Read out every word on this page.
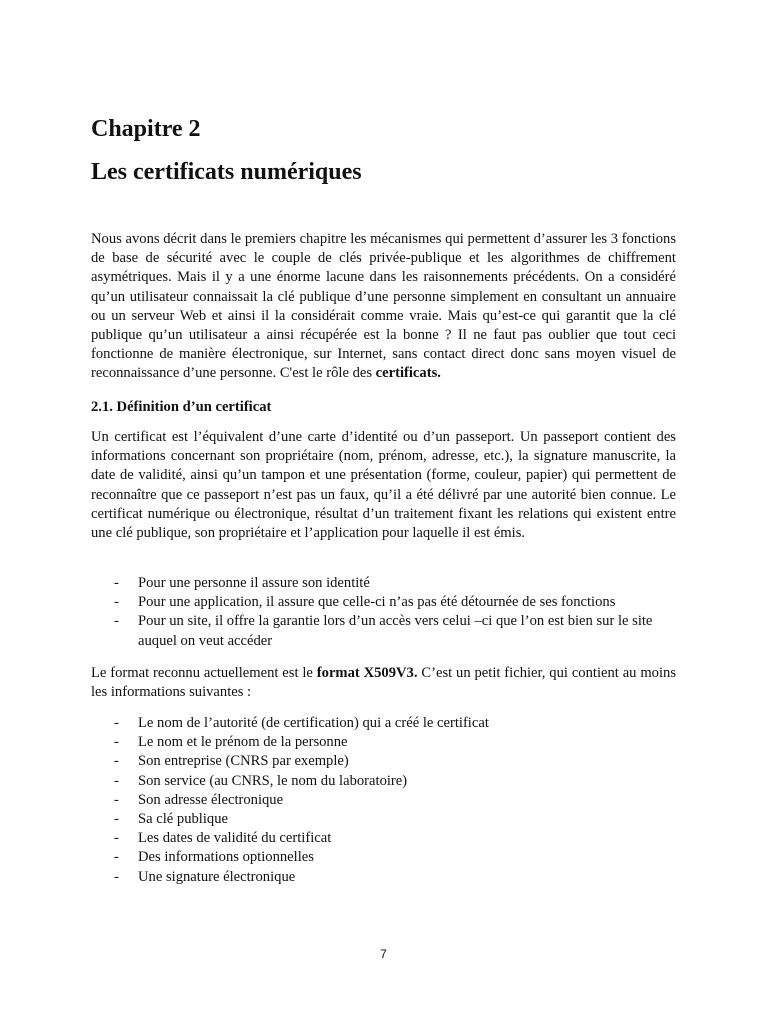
Chapitre 2
Les certificats numériques

Nous avons décrit dans le premiers chapitre les mécanismes qui permettent d’assurer les 3 fonctions de base de sécurité avec le couple de clés privée-publique et les algorithmes de chiffrement asymétriques. Mais il y a une énorme lacune dans les raisonnements précédents. On a considéré qu’un utilisateur connaissait la clé publique d’une personne simplement en consultant un annuaire ou un serveur Web et ainsi il la considérait comme vraie. Mais qu’est-ce qui garantit que la clé publique qu’un utilisateur a ainsi récupérée est la bonne ? Il ne faut pas oublier que tout ceci fonctionne de manière électronique, sur Internet, sans contact direct donc sans moyen visuel de reconnaissance d’une personne. C'est le rôle des certificats.

2.1. Définition d’un certificat

Un certificat est l’équivalent d’une carte d’identité ou d’un passeport. Un passeport contient des informations concernant son propriétaire (nom, prénom, adresse, etc.), la signature manuscrite, la date de validité, ainsi qu’un tampon et une présentation (forme, couleur, papier) qui permettent de reconnaître que ce passeport n’est pas un faux, qu’il a été délivré par une autorité bien connue. Le certificat numérique ou électronique, résultat d’un traitement fixant les relations qui existent entre une clé publique, son propriétaire et l’application pour laquelle il est émis.

- Pour une personne il assure son identité
- Pour une application, il assure que celle-ci n’as pas été détournée de ses fonctions
- Pour un site, il offre la garantie lors d’un accès vers celui –ci que l’on est bien sur le site auquel on veut accéder

Le format reconnu actuellement est le format X509V3. C’est un petit fichier, qui contient au moins les informations suivantes :

- Le nom de l’autorité (de certification) qui a créé le certificat
- Le nom et le prénom de la personne
- Son entreprise (CNRS par exemple)
- Son service (au CNRS, le nom du laboratoire)
- Son adresse électronique
- Sa clé publique
- Les dates de validité du certificat
- Des informations optionnelles
- Une signature électronique
7
